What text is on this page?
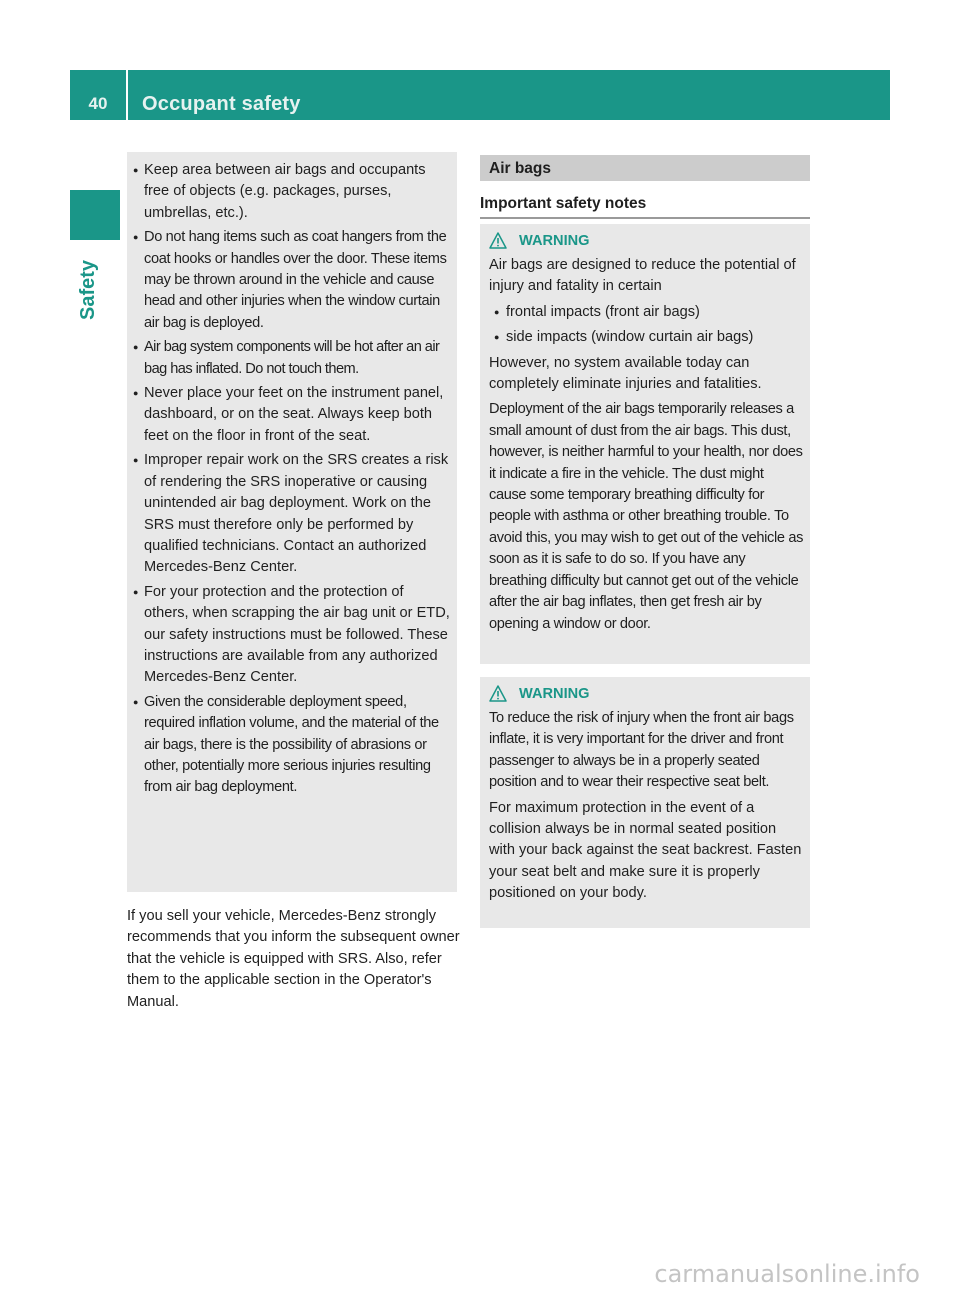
40	Occupant safety
Safety
● Keep area between air bags and occupants free of objects (e.g. packages, purses, umbrellas, etc.).
● Do not hang items such as coat hangers from the coat hooks or handles over the door. These items may be thrown around in the vehicle and cause head and other injuries when the window curtain air bag is deployed.
● Air bag system components will be hot after an air bag has inflated. Do not touch them.
● Never place your feet on the instrument panel, dashboard, or on the seat. Always keep both feet on the floor in front of the seat.
● Improper repair work on the SRS creates a risk of rendering the SRS inoperative or causing unintended air bag deployment. Work on the SRS must therefore only be performed by qualified technicians. Contact an authorized Mercedes-Benz Center.
● For your protection and the protection of others, when scrapping the air bag unit or ETD, our safety instructions must be followed. These instructions are available from any authorized Mercedes-Benz Center.
● Given the considerable deployment speed, required inflation volume, and the material of the air bags, there is the possibility of abrasions or other, potentially more serious injuries resulting from air bag deployment.

If you sell your vehicle, Mercedes-Benz strongly recommends that you inform the subsequent owner that the vehicle is equipped with SRS. Also, refer them to the applicable section in the Operator's Manual.

Air bags
Important safety notes
WARNING

Air bags are designed to reduce the potential of injury and fatality in certain

● frontal impacts (front air bags)
● side impacts (window curtain air bags)

However, no system available today can completely eliminate injuries and fatalities.

Deployment of the air bags temporarily releases a small amount of dust from the air bags. This dust, however, is neither harmful to your health, nor does it indicate a fire in the vehicle. The dust might cause some temporary breathing difficulty for people with asthma or other breathing trouble. To avoid this, you may wish to get out of the vehicle as soon as it is safe to do so. If you have any breathing difficulty but cannot get out of the vehicle after the air bag inflates, then get fresh air by opening a window or door.

WARNING

To reduce the risk of injury when the front air bags inflate, it is very important for the driver and front passenger to always be in a properly seated position and to wear their respective seat belt.

For maximum protection in the event of a collision always be in normal seated position with your back against the seat backrest. Fasten your seat belt and make sure it is properly positioned on your body.

carmanualsonline.info
